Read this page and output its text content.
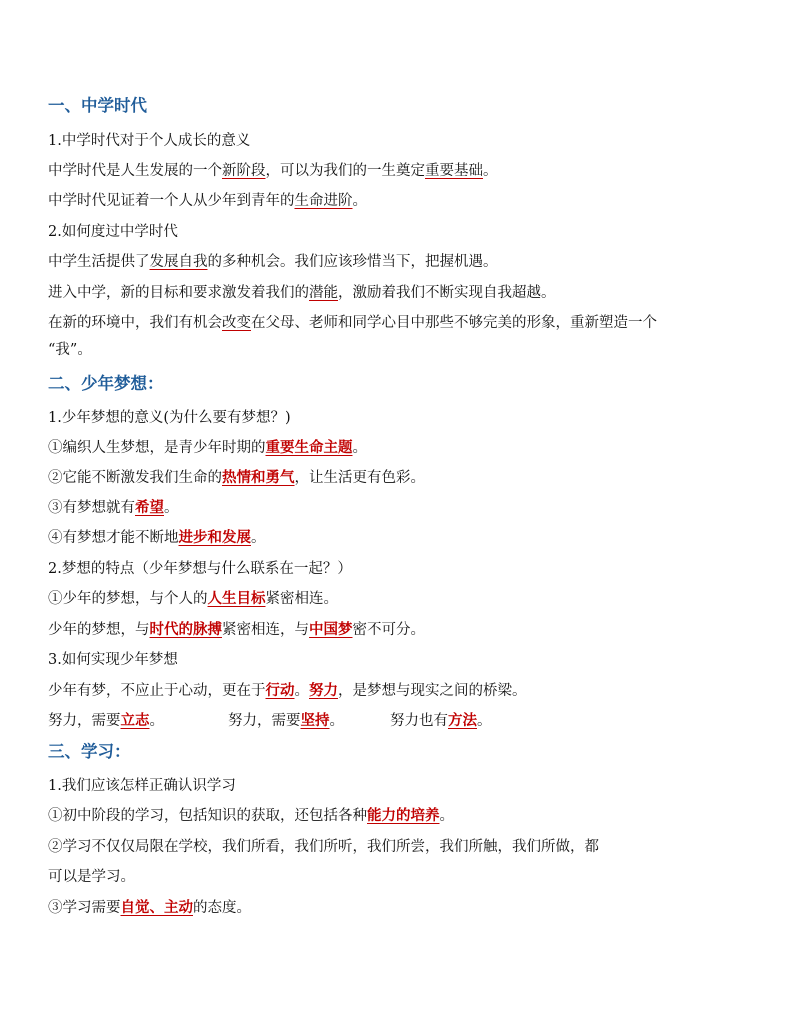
一、中学时代
1.中学时代对于个人成长的意义
中学时代是人生发展的一个新阶段，可以为我们的一生奠定重要基础。
中学时代见证着一个人从少年到青年的生命进阶。
2.如何度过中学时代
中学生活提供了发展自我的多种机会。我们应该珍惜当下，把握机遇。
进入中学，新的目标和要求激发着我们的潜能，激励着我们不断实现自我超越。
在新的环境中，我们有机会改变在父母、老师和同学心目中那些不够完美的形象，重新塑造一个
“我”。
二、少年梦想：
1.少年梦想的意义(为什么要有梦想？)
①编织人生梦想，是青少年时期的重要生命主题。
②它能不断激发我们生命的热情和勇气，让生活更有色彩。
③有梦想就有希望。
④有梦想才能不断地进步和发展。
2.梦想的特点（少年梦想与什么联系在一起？）
①少年的梦想，与个人的人生目标紧密相连。
少年的梦想，与时代的脉搏紧密相连，与中国梦密不可分。
3.如何实现少年梦想
少年有梦，不应止于心动，更在于行动。努力，是梦想与现实之间的桥梁。
努力，需要立志。	努力，需要坚持。	努力也有方法。
三、学习：
1.我们应该怎样正确认识学习
①初中阶段的学习，包括知识的获取，还包括各种能力的培养。
②学习不仅仅局限在学校，我们所看，我们所听，我们所尝，我们所触，我们所做，都
可以是学习。
③学习需要自觉、主动的态度。
